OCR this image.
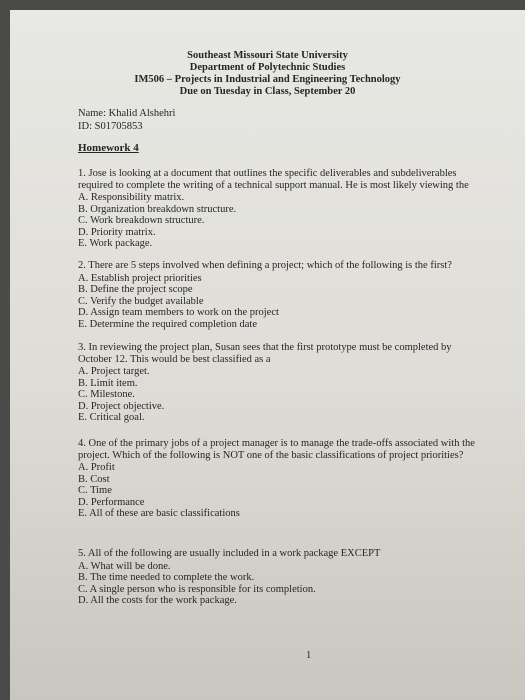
Southeast Missouri State University
Department of Polytechnic Studies
IM506 – Projects in Industrial and Engineering Technology
Due on Tuesday in Class, September 20
Name: Khalid Alshehri
ID: S01705853
Homework 4
1. Jose is looking at a document that outlines the specific deliverables and subdeliverables required to complete the writing of a technical support manual. He is most likely viewing the
A. Responsibility matrix.
B. Organization breakdown structure.
C. Work breakdown structure.
D. Priority matrix.
E. Work package.
2. There are 5 steps involved when defining a project; which of the following is the first?
A. Establish project priorities
B. Define the project scope
C. Verify the budget available
D. Assign team members to work on the project
E. Determine the required completion date
3. In reviewing the project plan, Susan sees that the first prototype must be completed by October 12. This would be best classified as a
A. Project target.
B. Limit item.
C. Milestone.
D. Project objective.
E. Critical goal.
4. One of the primary jobs of a project manager is to manage the trade-offs associated with the project. Which of the following is NOT one of the basic classifications of project priorities?
A. Profit
B. Cost
C. Time
D. Performance
E. All of these are basic classifications
5. All of the following are usually included in a work package EXCEPT
A. What will be done.
B. The time needed to complete the work.
C. A single person who is responsible for its completion.
D. All the costs for the work package.
1
